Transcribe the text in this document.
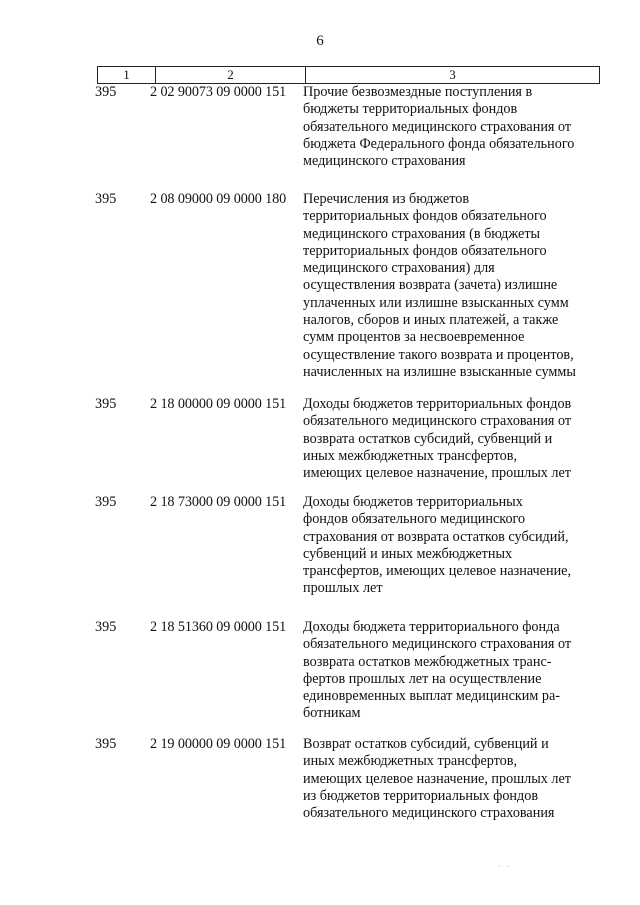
6
1	2	3
395 2 02 90073 09 0000 151 Прочие безвозмездные поступления в
бюджеты территориальных фондов
обязательного медицинского страхования от
бюджета Федерального фонда обязательного
медицинского страхования
395 2 08 09000 09 0000 180 Перечисления из бюджетов
территориальных фондов обязательного
медицинского страхования (в бюджеты
территориальных фондов обязательного
медицинского страхования) для
осуществления возврата (зачета) излишне
уплаченных или излишне взысканных сумм
налогов, сборов и иных платежей, а также
сумм процентов за несвоевременное
осуществление такого возврата и процентов,
начисленных на излишне взысканные суммы
395 2 18 00000 09 0000 151 Доходы бюджетов территориальных фондов
обязательного медицинского страхования от
возврата остатков субсидий, субвенций и
иных межбюджетных трансфертов,
имеющих целевое назначение, прошлых лет
395 2 18 73000 09 0000 151 Доходы бюджетов территориальных
фондов обязательного медицинского
страхования от возврата остатков субсидий,
субвенций и иных межбюджетных
трансфертов, имеющих целевое назначение,
прошлых лет
395 2 18 51360 09 0000 151 Доходы бюджета территориального фонда
обязательного медицинского страхования от
возврата остатков межбюджетных транс-
фертов прошлых лет на осуществление
единовременных выплат медицинским ра-
ботникам
395 2 19 00000 09 0000 151 Возврат остатков субсидий, субвенций и
иных межбюджетных трансфертов,
имеющих целевое назначение, прошлых лет
из бюджетов территориальных фондов
обязательного медицинского страхования
· ·
